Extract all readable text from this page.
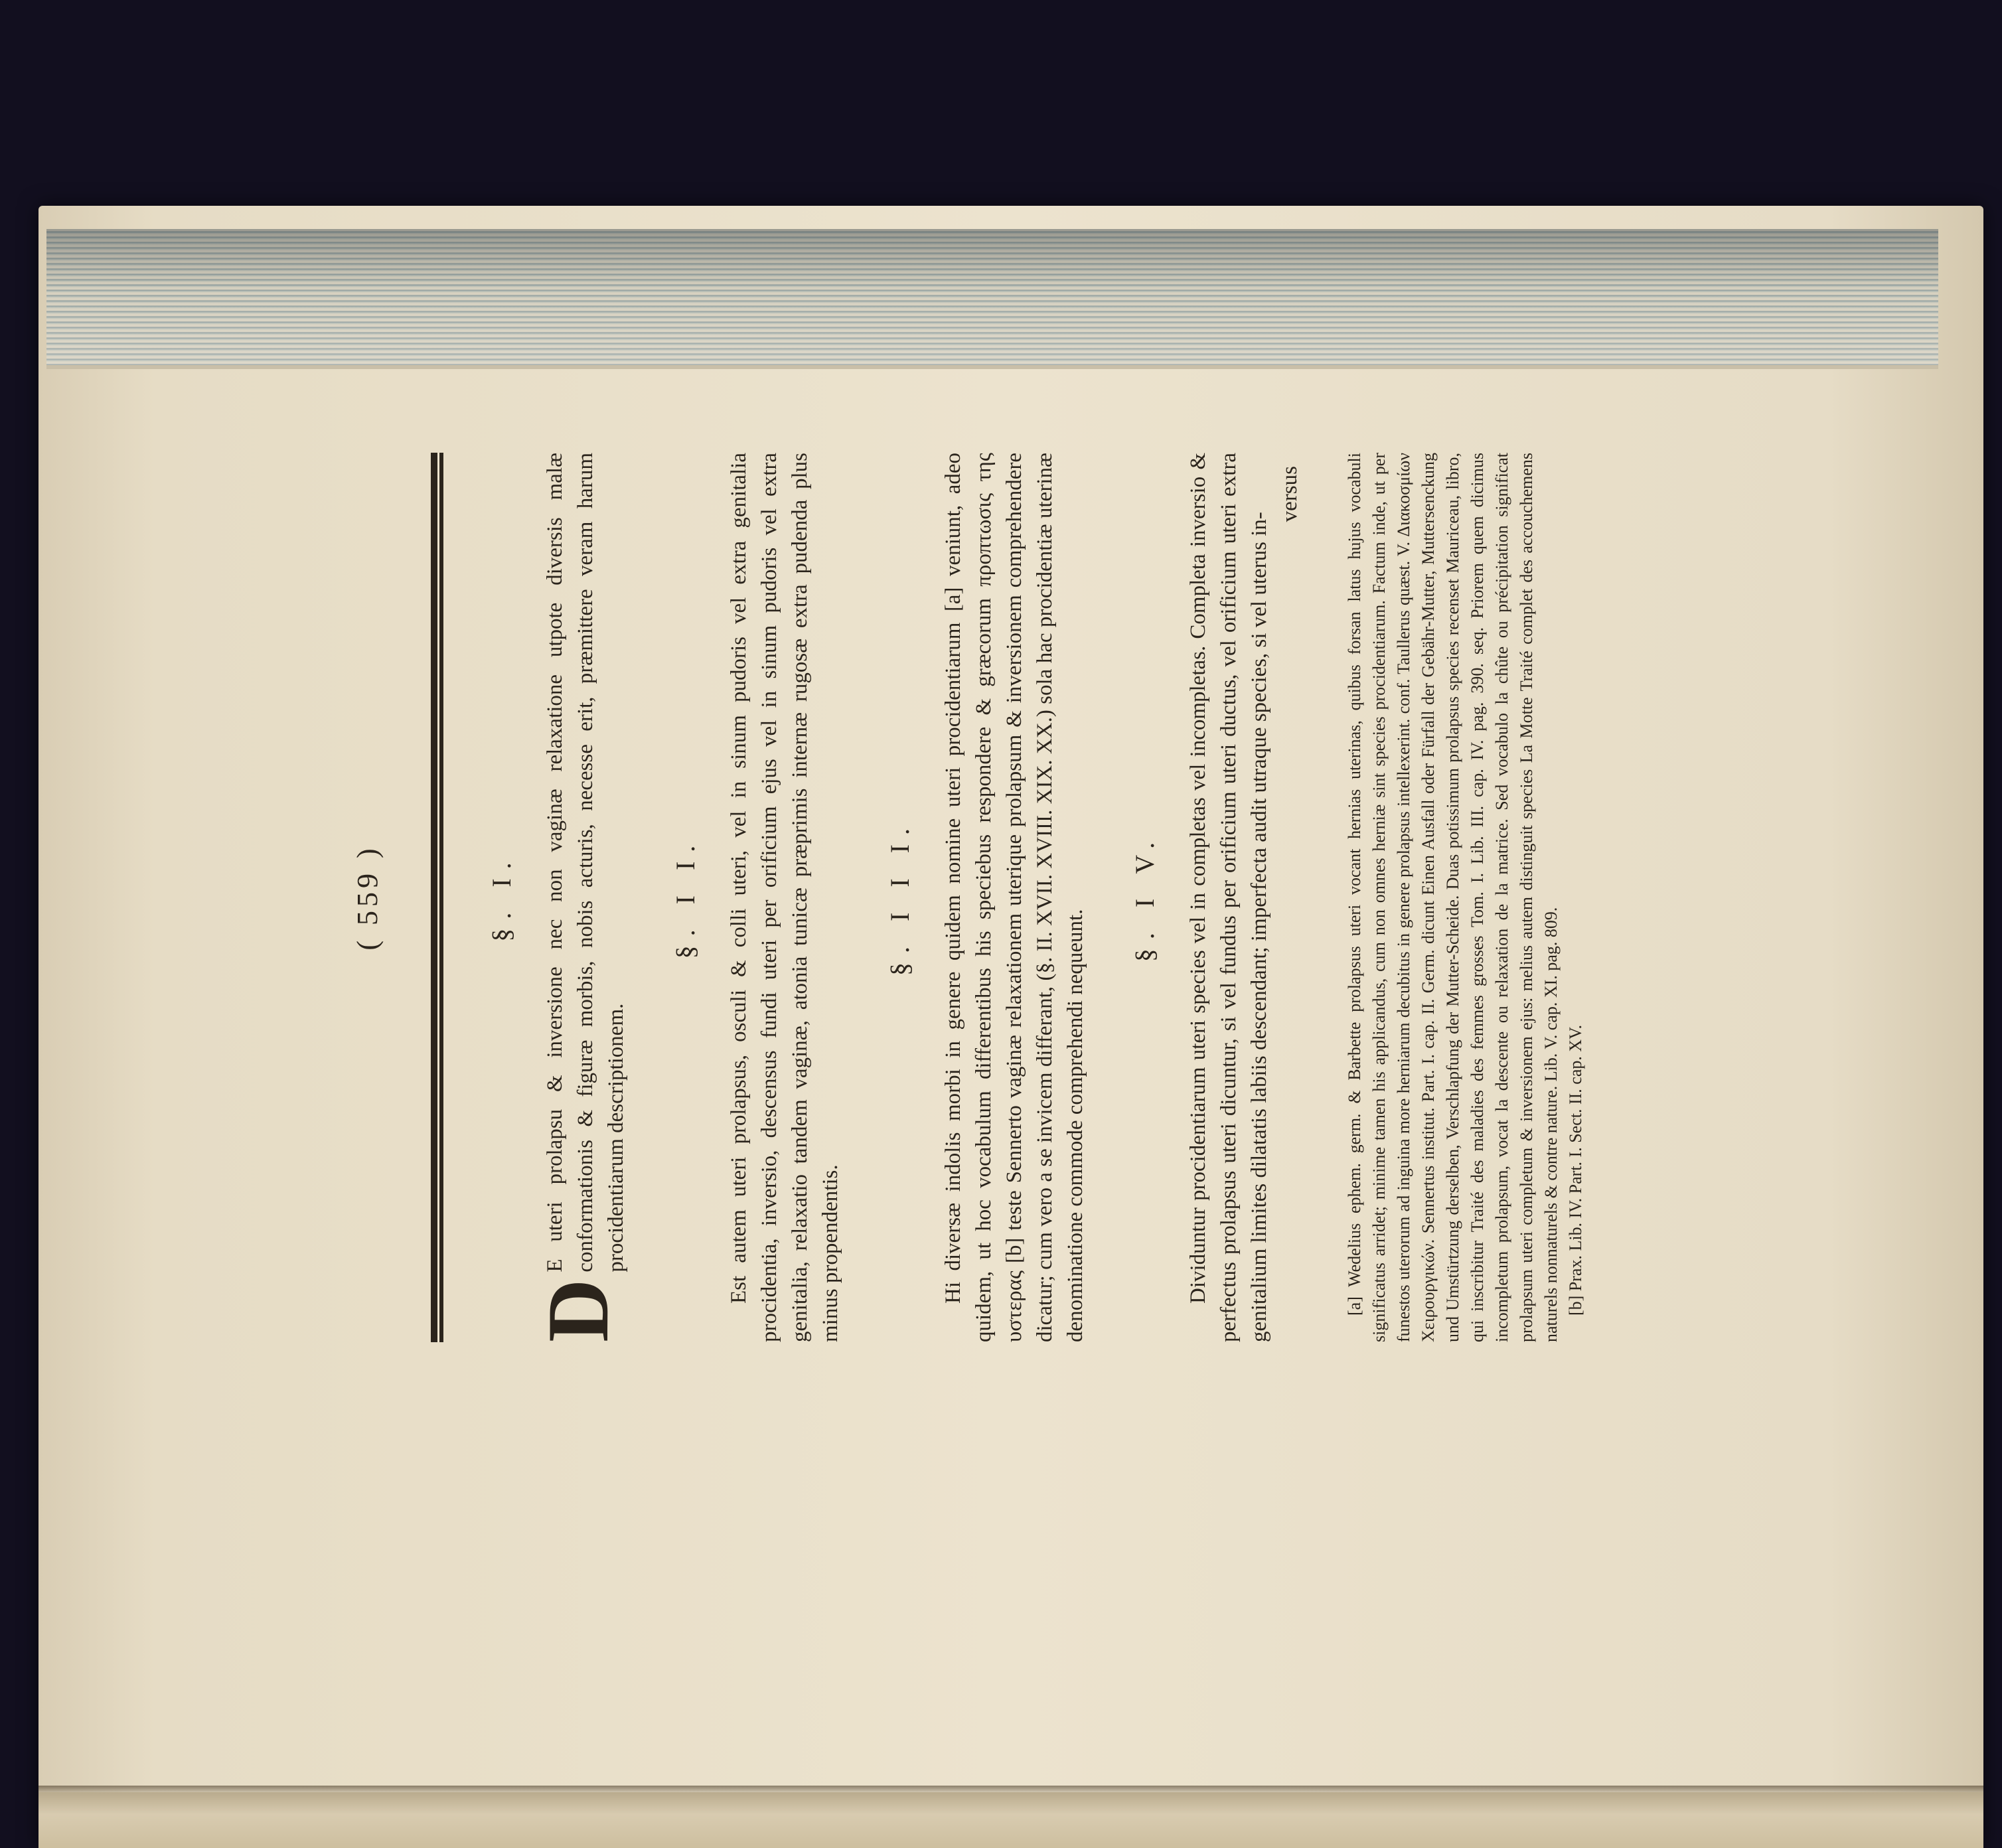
( 559 )	§. I.

D
E uteri prolapsu & inversione nec non vaginæ relaxatione utpote diversis malæ conformationis & figuræ morbis, nobis acturis, necesse erit, præmittere veram harum procidentiarum descriptionem.

§. I I. Est autem uteri prolapsus, osculi & colli uteri, vel in sinum pudoris vel extra genitalia procidentia, inversio, descensus fundi uteri per orificium ejus vel in sinum pudoris vel extra genitalia, relaxatio tandem vaginæ, atonia tunicæ præprimis internæ rugosæ extra pudenda plus minus propendentis.

§. I I I. Hi diversæ indolis morbi in genere quidem nomine uteri procidentiarum [a] veniunt, adeo quidem, ut hoc vocabulum differentibus his speciebus respondere & græcorum προπτωσις της υστερας [b] teste Sennerto vaginæ relaxationem uterique prolapsum & inversionem comprehendere dicatur; cum vero a se invicem differant, (§. II. XVII. XVIII. XIX. XX.) sola hac procidentiæ uterinæ denominatione commode comprehendi nequeunt.

§. I V. Dividuntur procidentiarum uteri species vel in completas vel incompletas. Completa inversio & perfectus prolapsus uteri dicuntur, si vel fundus per orificium uteri ductus, vel orificium uteri extra genitalium limites dilatatis labiis descendant; imperfecta audit utraque species, si vel uterus in-

versus	[a] Wedelius ephem. germ. & Barbette prolapsus uteri vocant hernias uterinas, quibus forsan latus hujus vocabuli significatus arridet; minime tamen his applicandus, cum non omnes herniæ sint species procidentiarum. Factum inde, ut per funestos uterorum ad inguina more herniarum decubitus in genere prolapsus intellexerint. conf. Taullerus quæst. V. Διακοσμίων Χειρουργικών. Sennertus institut. Part. I. cap. II. Germ. dicunt Einen Ausfall oder Fürfall der Gebähr-Mutter, Muttersenckung und Umstürtzung derselben, Verschlapfung der Mutter-Scheide. Duas potissimum prolapsus species recenset Mauriceau, libro, qui inscribitur Traité des maladies des femmes grosses Tom. I. Lib. III. cap. IV. pag. 390. seq. Priorem quem dicimus incompletum prolapsum, vocat la descente ou relaxation de la matrice. Sed vocabulo la chûte ou précipitation significat prolapsum uteri completum & inversionem ejus: melius autem distinguit species La Motte Traité complet des accouchemens naturels nonnaturels & contre nature. Lib. V. cap. XI. pag. 809. [b] Prax. Lib. IV. Part. I. Sect. II. cap. XV.
